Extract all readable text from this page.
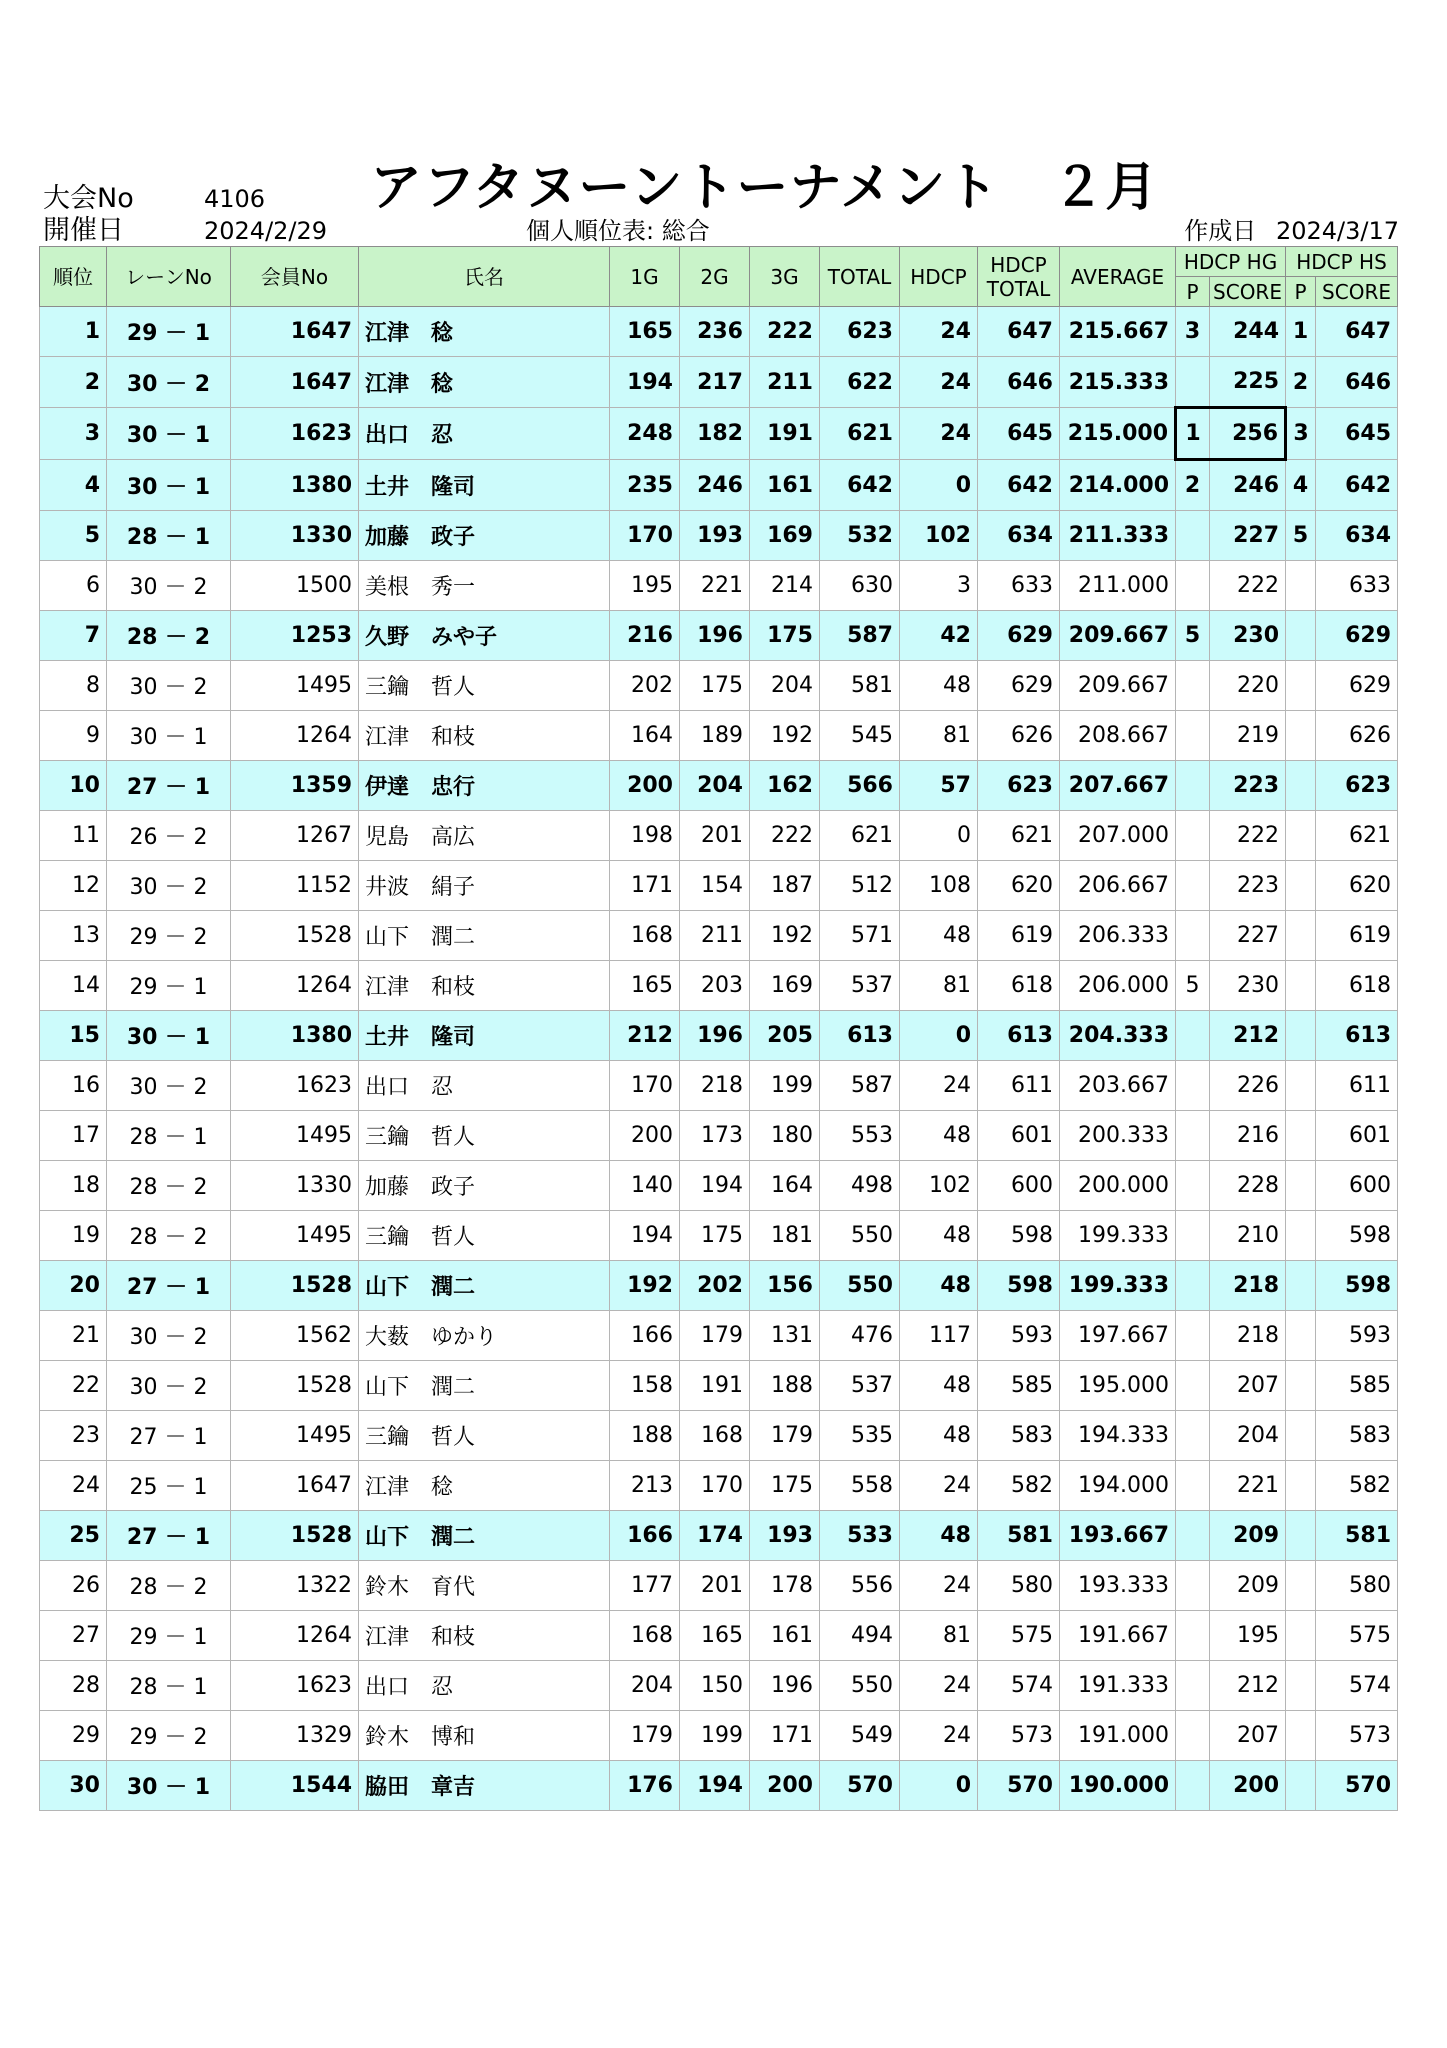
大会No	4106
開催日	2024/2/29
アフタヌーントーナメント　２月
個人順位表: 総合	作成日 2024/3/17
順位	レーンNo	会員No	氏名	1G	2G	3G	TOTAL	HDCP	HDCP
TOTAL	AVERAGE	HDCP HG		HDCP HS	
											P	SCORE	P	SCORE
1	29 － 1	1647	江津　稔	165	236	222	623	24	647	215.667	3	244	1	647
2	30 － 2	1647	江津　稔	194	217	211	622	24	646	215.333		225	2	646
3	30 － 1	1623	出口　忍	248	182	191	621	24	645	215.000	1	256	3	645
4	30 － 1	1380	土井　隆司	235	246	161	642	0	642	214.000	2	246	4	642
5	28 － 1	1330	加藤　政子	170	193	169	532	102	634	211.333		227	5	634
6	30 － 2	1500	美根　秀一	195	221	214	630	3	633	211.000		222		633
7	28 － 2	1253	久野　みや子	216	196	175	587	42	629	209.667	5	230		629
8	30 － 2	1495	三鑰　哲人	202	175	204	581	48	629	209.667		220		629
9	30 － 1	1264	江津　和枝	164	189	192	545	81	626	208.667		219		626
10	27 － 1	1359	伊達　忠行	200	204	162	566	57	623	207.667		223		623
11	26 － 2	1267	児島　高広	198	201	222	621	0	621	207.000		222		621
12	30 － 2	1152	井波　絹子	171	154	187	512	108	620	206.667		223		620
13	29 － 2	1528	山下　潤二	168	211	192	571	48	619	206.333		227		619
14	29 － 1	1264	江津　和枝	165	203	169	537	81	618	206.000	5	230		618
15	30 － 1	1380	土井　隆司	212	196	205	613	0	613	204.333		212		613
16	30 － 2	1623	出口　忍	170	218	199	587	24	611	203.667		226		611
17	28 － 1	1495	三鑰　哲人	200	173	180	553	48	601	200.333		216		601
18	28 － 2	1330	加藤　政子	140	194	164	498	102	600	200.000		228		600
19	28 － 2	1495	三鑰　哲人	194	175	181	550	48	598	199.333		210		598
20	27 － 1	1528	山下　潤二	192	202	156	550	48	598	199.333		218		598
21	30 － 2	1562	大薮　ゆかり	166	179	131	476	117	593	197.667		218		593
22	30 － 2	1528	山下　潤二	158	191	188	537	48	585	195.000		207		585
23	27 － 1	1495	三鑰　哲人	188	168	179	535	48	583	194.333		204		583
24	25 － 1	1647	江津　稔	213	170	175	558	24	582	194.000		221		582
25	27 － 1	1528	山下　潤二	166	174	193	533	48	581	193.667		209		581
26	28 － 2	1322	鈴木　育代	177	201	178	556	24	580	193.333		209		580
27	29 － 1	1264	江津　和枝	168	165	161	494	81	575	191.667		195		575
28	28 － 1	1623	出口　忍	204	150	196	550	24	574	191.333		212		574
29	29 － 2	1329	鈴木　博和	179	199	171	549	24	573	191.000		207		573
30	30 － 1	1544	脇田　章吉	176	194	200	570	0	570	190.000		200		570
